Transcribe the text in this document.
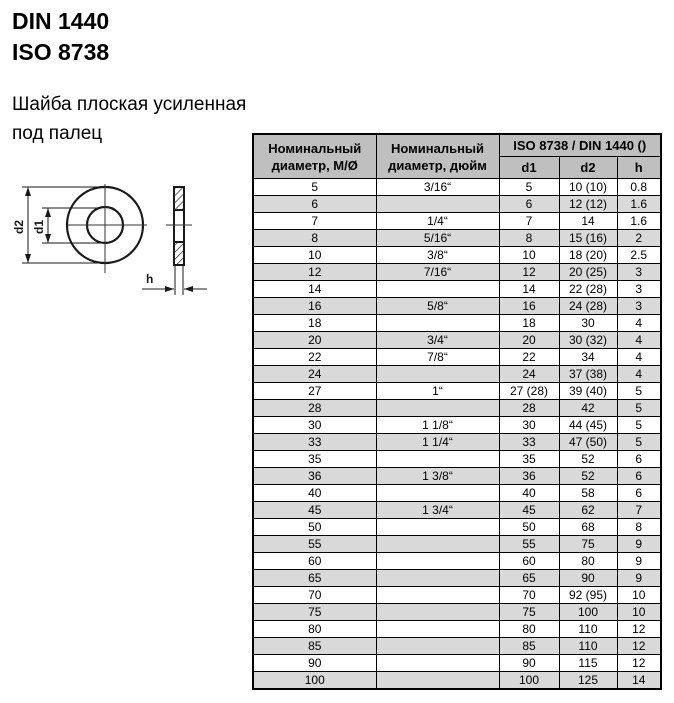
DIN 1440
ISO 8738
Шайба плоская усиленная
под палец
d2 d1
h
Номинальный
диаметр, М/Ø

Номинальный
диаметр, дюйм
	ISO 8738 / DIN 1440 ()
		d1	d2	h
5	3/16“	5	10 (10)	0.8
6		6	12 (12)	1.6
7	1/4“	7	14	1.6
8	5/16“	8	15 (16)	2
10	3/8“	10	18 (20)	2.5
12	7/16“	12	20 (25)	3
14		14	22 (28)	3
16	5/8“	16	24 (28)	3
18		18	30	4
20	3/4“	20	30 (32)	4
22	7/8“	22	34	4
24		24	37 (38)	4
27	1“	27 (28)	39 (40)	5
28		28	42	5
30	1 1/8“	30	44 (45)	5
33	1 1/4“	33	47 (50)	5
35		35	52	6
36	1 3/8“	36	52	6
40		40	58	6
45	1 3/4“	45	62	7
50		50	68	8
55		55	75	9
60		60	80	9
65		65	90	9
70		70	92 (95)	10
75		75	100	10
80		80	110	12
85		85	110	12
90		90	115	12
100		100	125	14
